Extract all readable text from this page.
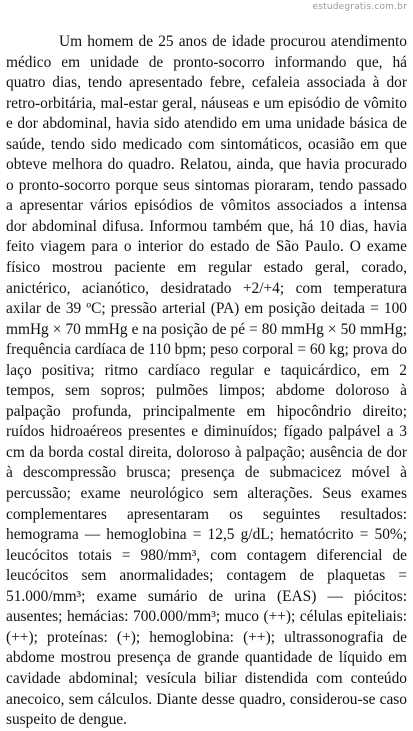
estudegratis.com.br

Um homem de 25 anos de idade procurou atendimento médico em unidade de pronto-socorro informando que, há quatro dias, tendo apresentado febre, cefaleia associada à dor retro-orbitária, mal-estar geral, náuseas e um episódio de vômito e dor abdominal, havia sido atendido em uma unidade básica de saúde, tendo sido medicado com sintomáticos, ocasião em que obteve melhora do quadro. Relatou, ainda, que havia procurado o pronto-socorro porque seus sintomas pioraram, tendo passado a apresentar vários episódios de vômitos associados a intensa dor abdominal difusa. Informou também que, há 10 dias, havia feito viagem para o interior do estado de São Paulo. O exame físico mostrou paciente em regular estado geral, corado, anictérico, acianótico, desidratado +2/+4; com temperatura axilar de 39 ºC; pressão arterial (PA) em posição deitada = 100 mmHg × 70 mmHg e na posição de pé = 80 mmHg × 50 mmHg; frequência cardíaca de 110 bpm; peso corporal = 60 kg; prova do laço positiva; ritmo cardíaco regular e taquicárdico, em 2 tempos, sem sopros; pulmões limpos; abdome doloroso à palpação profunda, principalmente em hipocôndrio direito; ruídos hidroaéreos presentes e diminuídos; fígado palpável a 3 cm da borda costal direita, doloroso à palpação; ausência de dor à descompressão brusca; presença de submacicez móvel à percussão; exame neurológico sem alterações. Seus exames complementares apresentaram os seguintes resultados: hemograma — hemoglobina = 12,5 g/dL; hematócrito = 50%; leucócitos totais = 980/mm³, com contagem diferencial de leucócitos sem anormalidades; contagem de plaquetas = 51.000/mm³; exame sumário de urina (EAS) — piócitos: ausentes; hemácias: 700.000/mm³; muco (++); células epiteliais: (++); proteínas: (+); hemoglobina: (++); ultrassonografia de abdome mostrou presença de grande quantidade de líquido em cavidade abdominal; vesícula biliar distendida com conteúdo anecoico, sem cálculos. Diante desse quadro, considerou-se caso suspeito de dengue.
